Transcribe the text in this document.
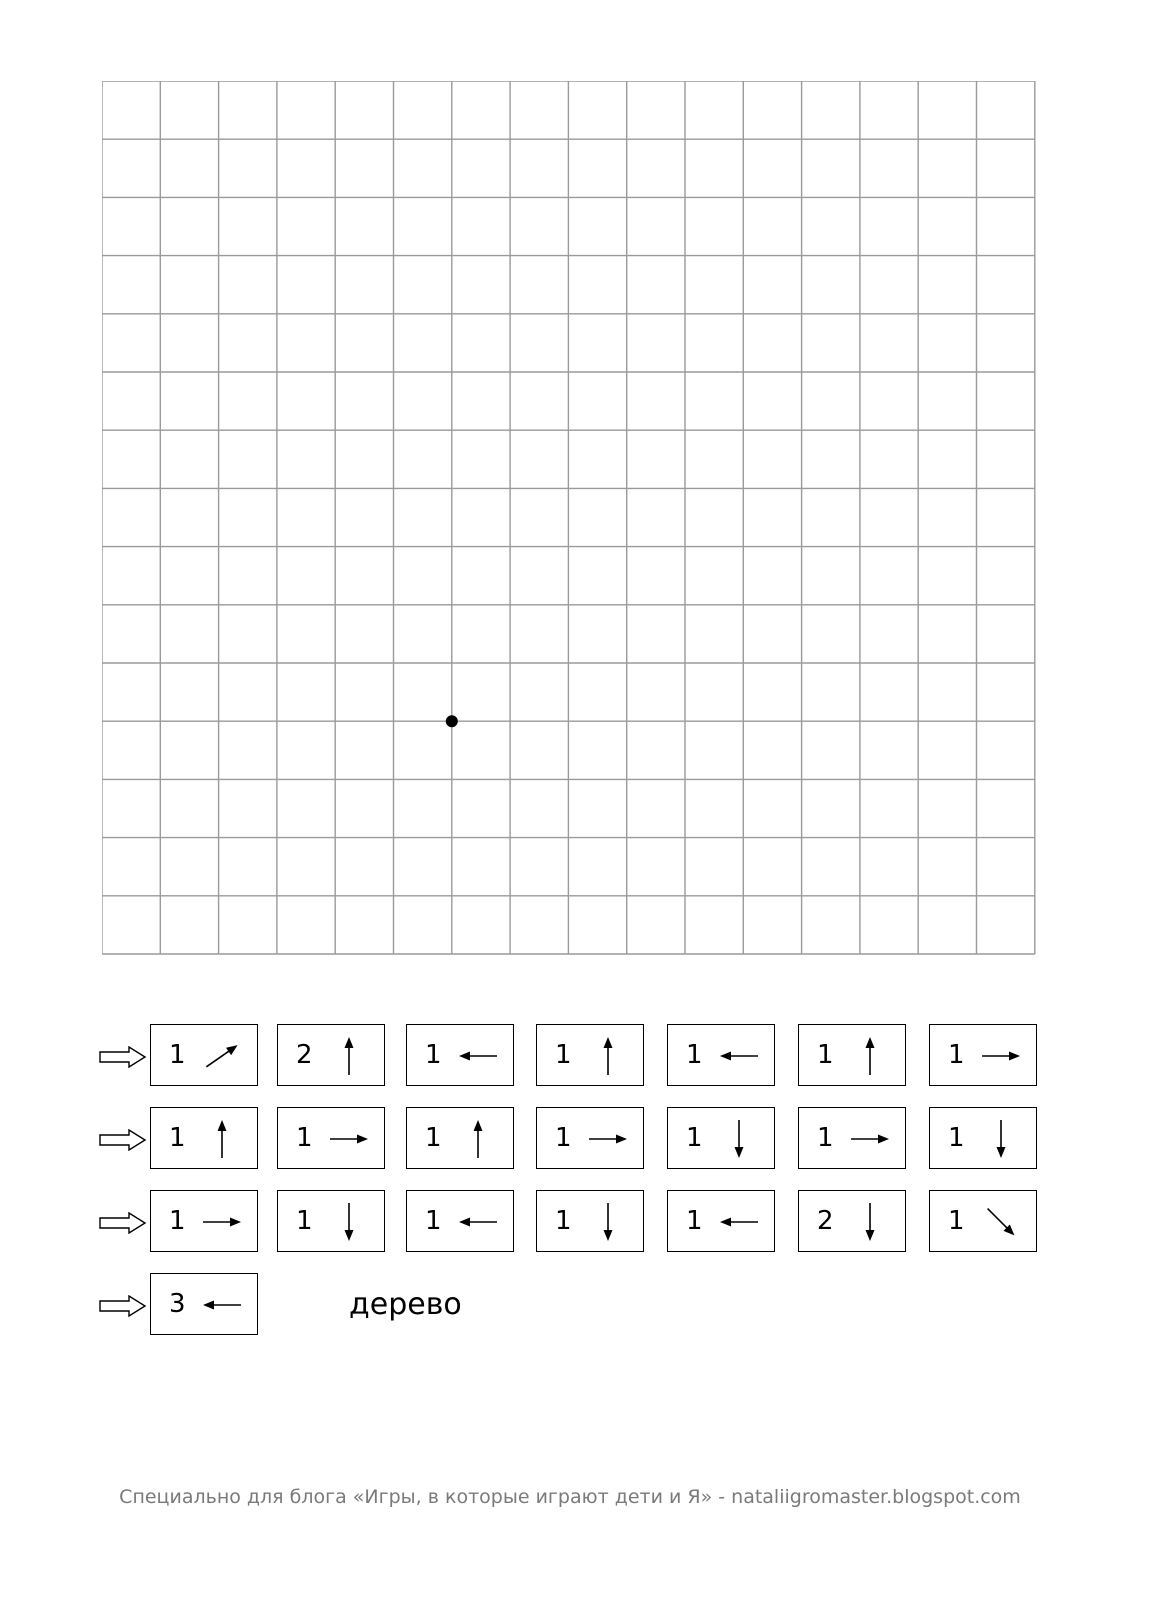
1	2	1	1	1	1	1
1	1	1	1	1	1	1
1	1	1	1	1	2	1
3	дерево
Специально для блога «Игры, в которые играют дети и Я» - nataliigromaster.blogspot.com
